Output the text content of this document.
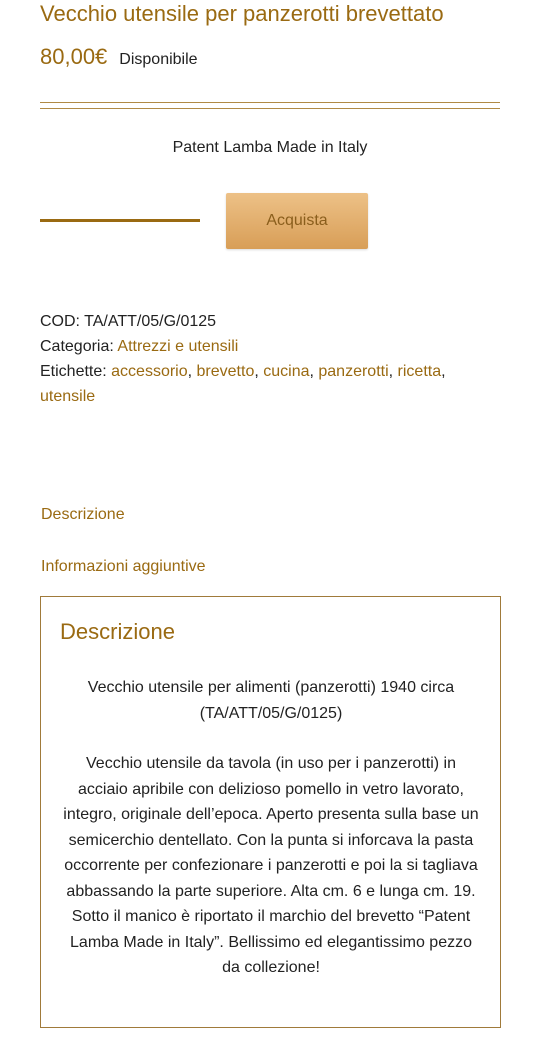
Vecchio utensile per panzerotti brevettato
80,00€ Disponibile
Patent Lamba Made in Italy
Acquista
COD: TA/ATT/05/G/0125
Categoria: Attrezzi e utensili
Etichette: accessorio, brevetto, cucina, panzerotti, ricetta,
utensile
Descrizione
Informazioni aggiuntive
Descrizione

Vecchio utensile per alimenti (panzerotti) 1940 circa
(TA/ATT/05/G/0125)

Vecchio utensile da tavola (in uso per i panzerotti) in acciaio apribile con delizioso pomello in vetro lavorato, integro, originale dell’epoca. Aperto presenta sulla base un semicerchio dentellato. Con la punta si inforcava la pasta occorrente per confezionare i panzerotti e poi la si tagliava abbassando la parte superiore. Alta cm. 6 e lunga cm. 19. Sotto il manico è riportato il marchio del brevetto “Patent Lamba Made in Italy”. Bellissimo ed elegantissimo pezzo da collezione!
